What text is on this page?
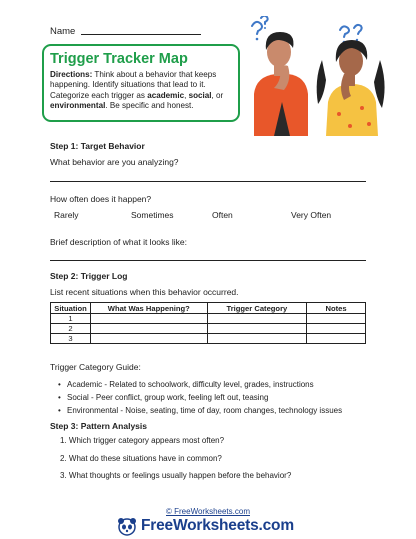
Name
Trigger Tracker Map

Directions: Think about a behavior that keeps happening. Identify situations that lead to it. Categorize each trigger as academic, social, or environmental. Be specific and honest.

Step 1: Target Behavior
What behavior are you analyzing?
How often does it happen?
Rarely	Sometimes	Often	Very Often
Brief description of what it looks like:
Step 2: Trigger Log
List recent situations when this behavior occurred.
Situation	What Was Happening?	Trigger Category	Notes
1			
2			
3			
Trigger Category Guide:
• Academic - Related to schoolwork, difficulty level, grades, instructions
• Social - Peer conflict, group work, feeling left out, teasing
• Environmental - Noise, seating, time of day, room changes, technology issues
Step 3: Pattern Analysis
1. Which trigger category appears most often?
2. What do these situations have in common?
3. What thoughts or feelings usually happen before the behavior?
© FreeWorksheets.com
FreeWorksheets.com
